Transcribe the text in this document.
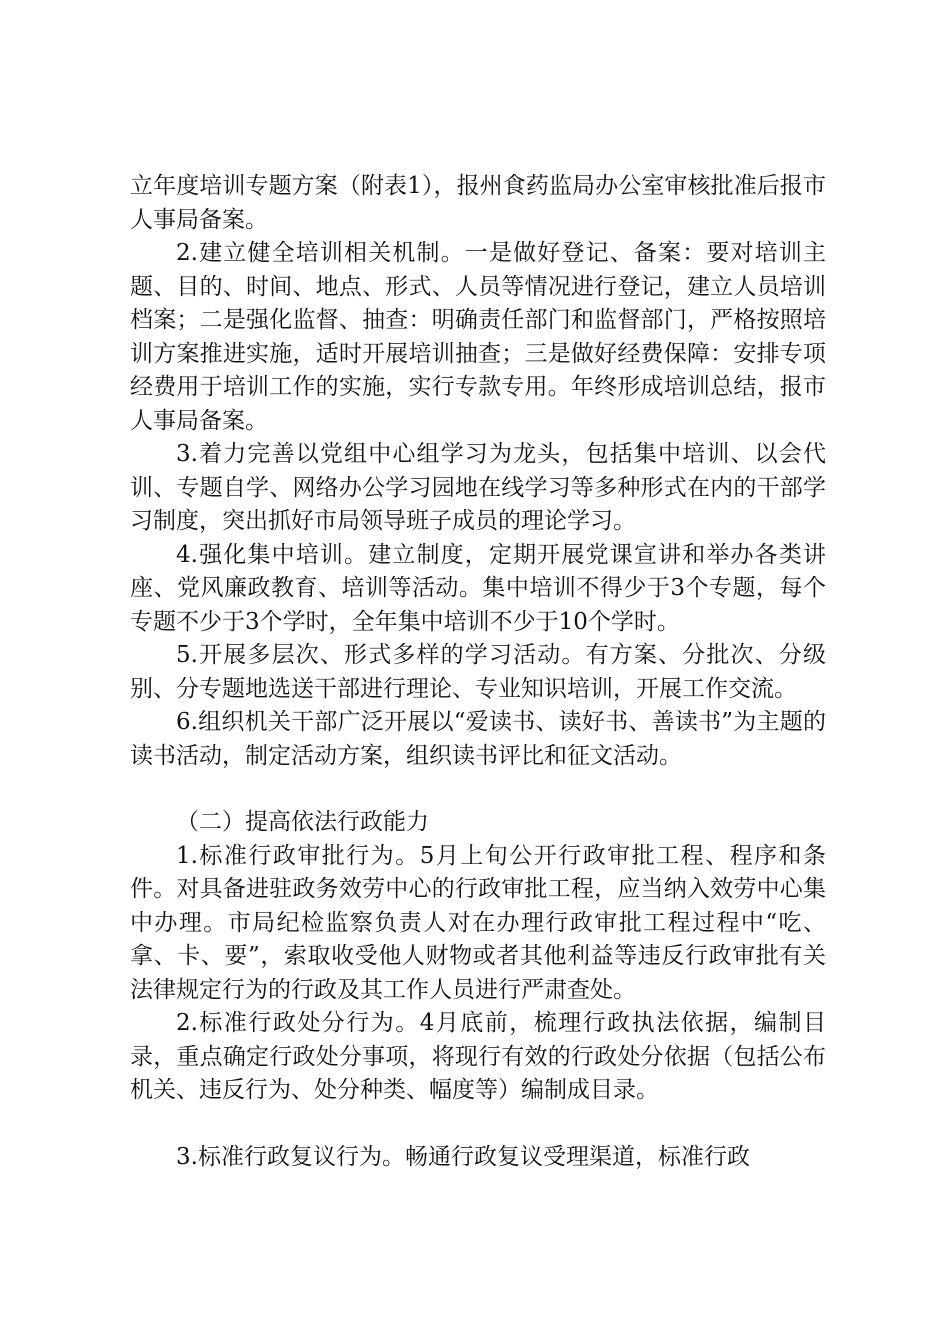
立年度培训专题方案（附表1），报州食药监局办公室审核批准后报市人事局备案。

2.建立健全培训相关机制。一是做好登记、备案：要对培训主题、目的、时间、地点、形式、人员等情况进行登记，建立人员培训档案；二是强化监督、抽查：明确责任部门和监督部门，严格按照培训方案推进实施，适时开展培训抽查；三是做好经费保障：安排专项经费用于培训工作的实施，实行专款专用。年终形成培训总结，报市人事局备案。

3.着力完善以党组中心组学习为龙头，包括集中培训、以会代训、专题自学、网络办公学习园地在线学习等多种形式在内的干部学习制度，突出抓好市局领导班子成员的理论学习。

4.强化集中培训。建立制度，定期开展党课宣讲和举办各类讲座、党风廉政教育、培训等活动。集中培训不得少于3个专题，每个专题不少于3个学时，全年集中培训不少于10个学时。

5.开展多层次、形式多样的学习活动。有方案、分批次、分级别、分专题地选送干部进行理论、专业知识培训，开展工作交流。

6.组织机关干部广泛开展以“爱读书、读好书、善读书”为主题的读书活动，制定活动方案，组织读书评比和征文活动。

（二）提高依法行政能力

1.标准行政审批行为。5月上旬公开行政审批工程、程序和条件。对具备进驻政务效劳中心的行政审批工程，应当纳入效劳中心集中办理。市局纪检监察负责人对在办理行政审批工程过程中“吃、拿、卡、要”，索取收受他人财物或者其他利益等违反行政审批有关法律规定行为的行政及其工作人员进行严肃查处。

2.标准行政处分行为。4月底前，梳理行政执法依据，编制目录，重点确定行政处分事项，将现行有效的行政处分依据（包括公布机关、违反行为、处分种类、幅度等）编制成目录。

3.标准行政复议行为。畅通行政复议受理渠道，标准行政
